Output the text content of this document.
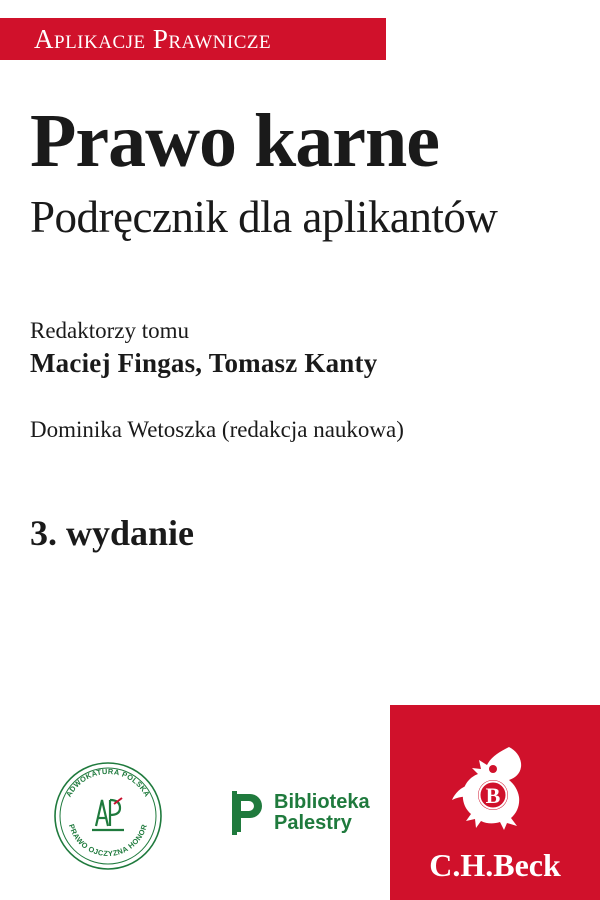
Aplikacje Prawnicze
Prawo karne
Podręcznik dla aplikantów
Redaktorzy tomu
Maciej Fingas, Tomasz Kanty
Dominika Wetoszka (redakcja naukowa)
3. wydanie
ADWOKATURA POLSKA
PRAWO OJCZYZNA HONOR
Biblioteka
Palestry
B
C.H.Beck
